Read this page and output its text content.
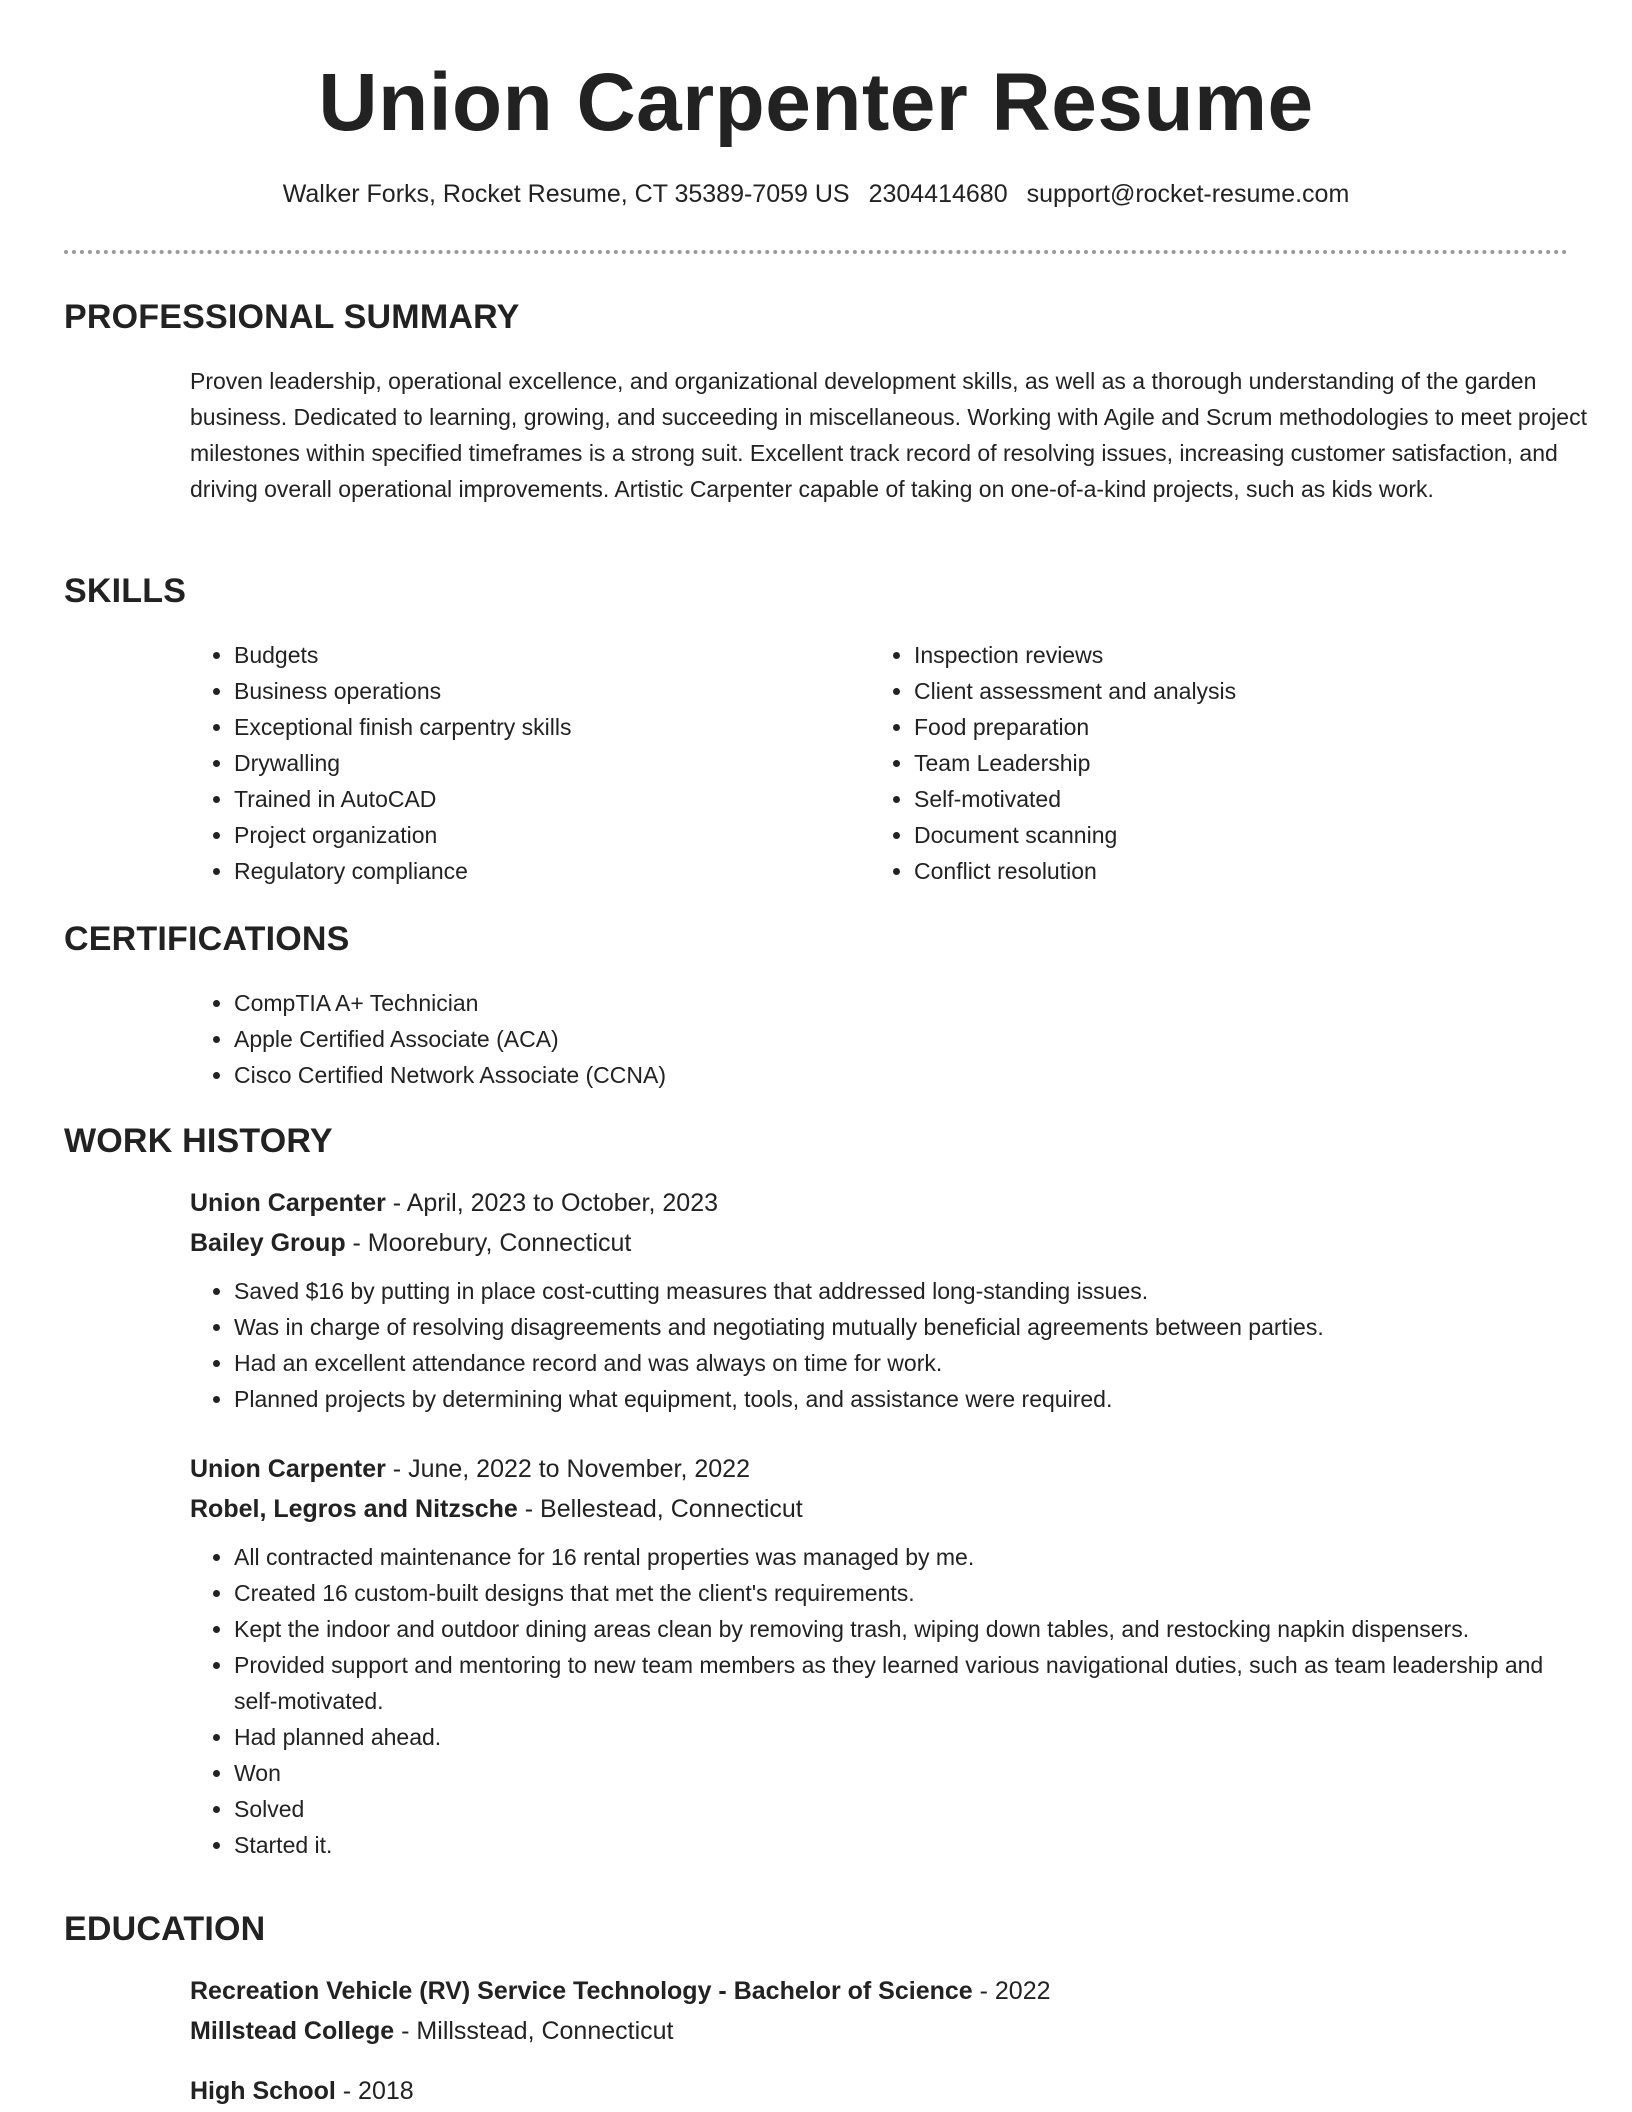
Union Carpenter Resume
Walker Forks, Rocket Resume, CT 35389-7059 US 2304414680 support@rocket-resume.com
PROFESSIONAL SUMMARY
Proven leadership, operational excellence, and organizational development skills, as well as a thorough understanding of the garden business. Dedicated to learning, growing, and succeeding in miscellaneous. Working with Agile and Scrum methodologies to meet project milestones within specified timeframes is a strong suit. Excellent track record of resolving issues, increasing customer satisfaction, and driving overall operational improvements. Artistic Carpenter capable of taking on one-of-a-kind projects, such as kids work.
SKILLS
• Budgets
• Business operations
• Exceptional finish carpentry skills
• Drywalling
• Trained in AutoCAD
• Project organization
• Regulatory compliance
• Inspection reviews
• Client assessment and analysis
• Food preparation
• Team Leadership
• Self-motivated
• Document scanning
• Conflict resolution
CERTIFICATIONS
• CompTIA A+ Technician
• Apple Certified Associate (ACA)
• Cisco Certified Network Associate (CCNA)
WORK HISTORY
Union Carpenter - April, 2023 to October, 2023
Bailey Group - Moorebury, Connecticut
• Saved $16 by putting in place cost-cutting measures that addressed long-standing issues.
• Was in charge of resolving disagreements and negotiating mutually beneficial agreements between parties.
• Had an excellent attendance record and was always on time for work.
• Planned projects by determining what equipment, tools, and assistance were required.
Union Carpenter - June, 2022 to November, 2022
Robel, Legros and Nitzsche - Bellestead, Connecticut
• All contracted maintenance for 16 rental properties was managed by me.
• Created 16 custom-built designs that met the client's requirements.
• Kept the indoor and outdoor dining areas clean by removing trash, wiping down tables, and restocking napkin dispensers.
• Provided support and mentoring to new team members as they learned various navigational duties, such as team leadership and self-motivated.
• Had planned ahead.
• Won
• Solved
• Started it.
EDUCATION
Recreation Vehicle (RV) Service Technology - Bachelor of Science - 2022
Millstead College - Millsstead, Connecticut
High School - 2018
